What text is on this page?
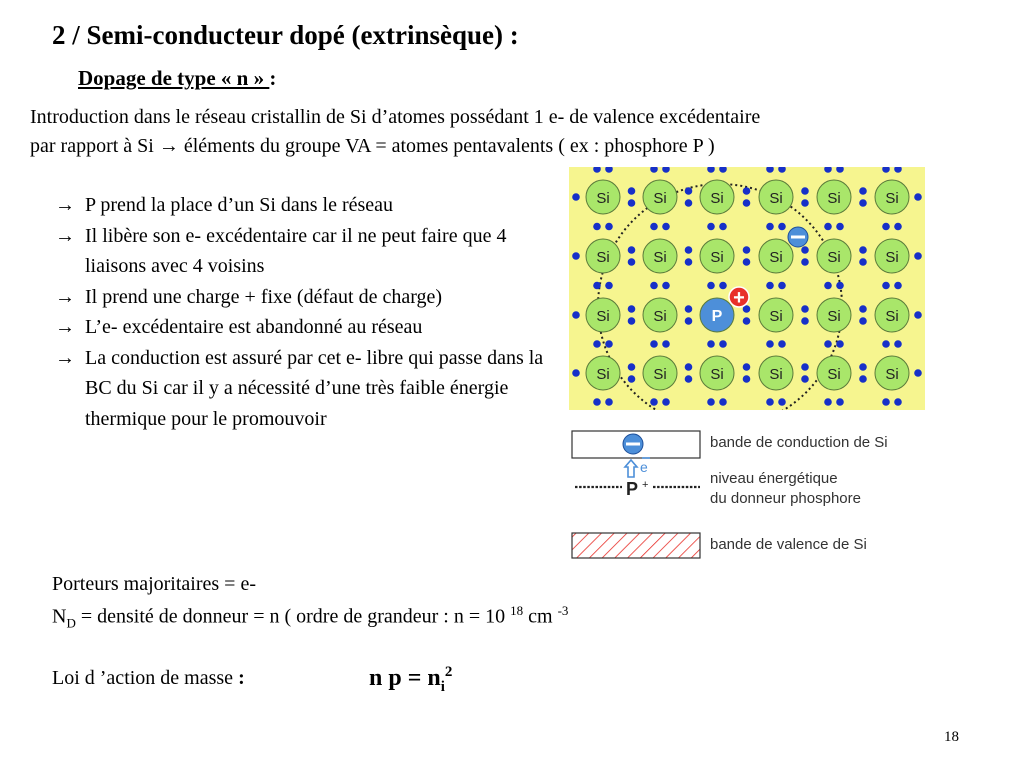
2 / Semi-conducteur dopé (extrinsèque) :
Dopage de type « n » :
Introduction dans le réseau cristallin de Si d’atomes possédant 1 e- de valence excédentaire
par rapport à Si → éléments du groupe VA = atomes pentavalents ( ex : phosphore P )
→ P prend la place d’un Si dans le réseau
→ Il libère son e- excédentaire car il ne peut faire que 4 liaisons avec 4 voisins
→ Il prend une charge + fixe (défaut de charge)
→ L’e- excédentaire est abandonné au réseau
→ La conduction est assuré par cet e- libre qui passe dans la BC du Si car il y a nécessité d’une très faible énergie thermique pour le promouvoir
Si	Si	Si	Si	Si	Si
Si	Si	Si	Si	Si	Si
Si	Si	P	Si	Si	Si
Si	Si	Si	Si	Si	Si
+
e
P +
bande de conduction de Si
niveau énergétique
du donneur phosphore
bande de valence de Si
Porteurs majoritaires = e-
$N_D$ = densité de donneur = n ( ordre de grandeur : n = 10 $^{18}$ cm $^{-3}$
Loi d ’action de masse :	n $p = n_i^2$
18
